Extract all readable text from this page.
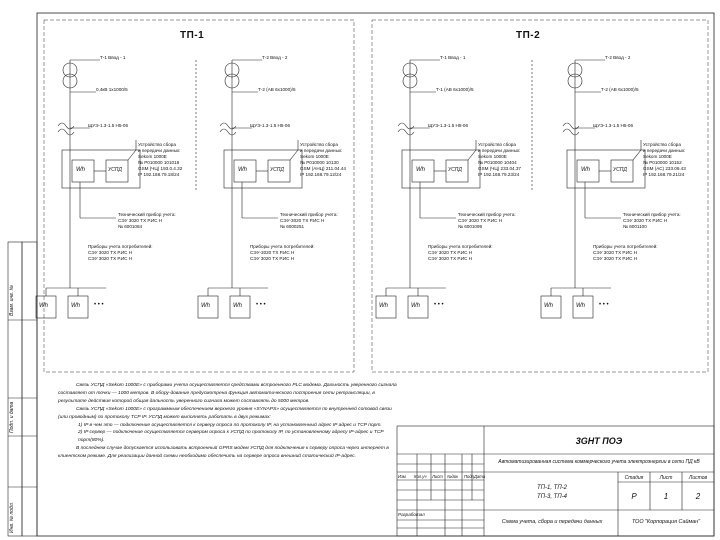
Т-1 Ввод - 1
0,4кВ 1х1000/5
ЩУЭ-1.3-1.5 Н5-06
Wh	УСПД
Устройство сбора
и передачи данных:
Sekom 1000E
№ Р010000 101018
GSM (ЧЦ) 193.0.4.32
IP 192.168.79.18/24
Технический прибор учета:
СЭУ 3020 TX Р.ИС Н
№ 6001084
Приборы учета потребителей:
СЭУ 3020 TX Р.ИС Н
СЭУ 3020 TX Р.ИС Н
Wh	Wh • • •
Т-2 Ввод - 2
Т-2 (АВ 6х1000)/5
ЩУЭ-1.3-1.5 Н5-06
Wh	УСПД
Устройство сбора
и передачи данных:
Sekom 1000E
№ Р010000 10130
GSM (АНЦ) 211.04.44
IP 192.168.79.12/24
Технический прибор учета:
СЭУ-3020 TX Р.ИС Н
№ 6000251
Приборы учета потребителей:
СЭУ-3020 TX Р.ИС Н
СЭУ 3020 TX Р.ИС Н
Wh	Wh • • •
Т-1 Ввод - 1
Т-1 (АВ 6х1000)/5
ЩУЭ-1.3-1.5 Н5-06
Wh	УСПД
Устройство сбора
и передачи данных:
Sekom 1000E
№ Р010000 10404
GSM (ЧЦ) 233.04.37
IP 192.168.79.23/24
Технический прибор учета:
СЭУ 3020 TX Р.ИС Н
№ 6001099
Приборы учета потребителей:
СЭУ 3020 TX Р.ИС Н
СЭУ 3020 TX Р.ИС Н
Wh	Wh • • •
Т-2 Ввод - 2
Т-2 (АВ 6х1000)/5
ЩУЭ-1.3-1.5 Н5-06
Wh	УСПД
Устройство сбора
и передачи данных:
Sekom 1000E
№ Р010000 10152
GSM (АС) 233.09.43
IP 192.168.79.21/24
Технический прибор учета:
СЭУ 3020 TX Р.ИС Н
№ 6001100
Приборы учета потребителей:
СЭУ 3020 TX Р.ИС Н
СЭУ 3020 TX Р.ИС Н
Wh	Wh • • •
ТП-1	ТП-2

Связь УСПД «Sekom 1000E» с приборами учета осуществляется средствами встроенного PLC модема. Дальность уверенного сигнала составляет от точки — 1000 метров. В обору-дование предусмотрена функция автоматического построения сети ретрансляции, в результате действия которой общая дальность уверенного сигнала может составлять до 5000 метров.

Связь УСПД «Sekom 1000E» с программным обеспечением верхнего уровня «SYNAPS» осуществляется по внутренней сотовой связи (или проводным) по протоколу TCP IP. УСПД может выполнять работать в двух режимах:

1) IP в чем это — подключение осуществляется к серверу опроса по протоколу IP, на установленный адрес IP адрес и TCP порт.

2) IP сервер — подключение осуществляется сервером опроса к УСПД по протоколу IP, по установленному адресу IP-адрес и TCP порт(80%).

В последнем случае допускается использовать встроенный GPRS модем УСПД для подключения к серверу опроса через интернет в клиентском режиме. Для реализации данной схемы необходимо обеспечить на сервере опроса внешний статический IP-адрес.

Взам. инв. №
Подп. и дата
Инв. № подл.
3GHТ ПОЭ
Автоматизированная система коммерческого учета электроэнергии в сети ПД кВ
Изм Кол.уч Лист №док Подп Дата
ТП-1, ТП-2
ТП-3, ТП-4
Стадия	Лист	Листов
Р	1	2
Разработал
Схема учета, сбора и передачи данных	ТОО "Корпорация Сайман"
